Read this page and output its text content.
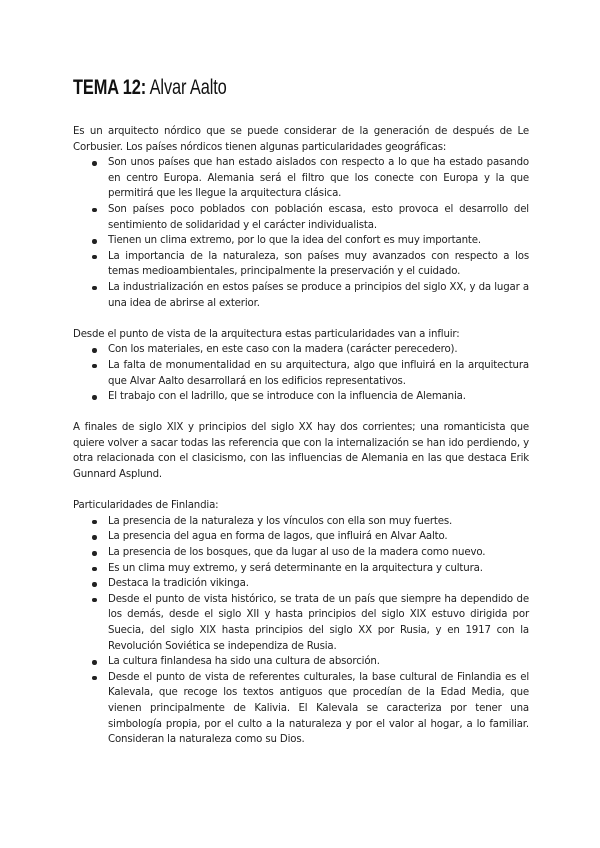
TEMA 12: Alvar Aalto

Es un arquitecto nórdico que se puede considerar de la generación de después de Le Corbusier. Los países nórdicos tienen algunas particularidades geográficas:

Son unos países que han estado aislados con respecto a lo que ha estado pasando en centro Europa. Alemania será el filtro que los conecte con Europa y la que permitirá que les llegue la arquitectura clásica.
Son países poco poblados con población escasa, esto provoca el desarrollo del sentimiento de solidaridad y el carácter individualista.
Tienen un clima extremo, por lo que la idea del confort es muy importante.
La importancia de la naturaleza, son países muy avanzados con respecto a los temas medioambientales, principalmente la preservación y el cuidado.
La industrialización en estos países se produce a principios del siglo XX, y da lugar a una idea de abrirse al exterior.

Desde el punto de vista de la arquitectura estas particularidades van a influir:

Con los materiales, en este caso con la madera (carácter perecedero).
La falta de monumentalidad en su arquitectura, algo que influirá en la arquitectura que Alvar Aalto desarrollará en los edificios representativos.
El trabajo con el ladrillo, que se introduce con la influencia de Alemania.

A finales de siglo XIX y principios del siglo XX hay dos corrientes; una romanticista que quiere volver a sacar todas las referencia que con la internalización se han ido perdiendo, y otra relacionada con el clasicismo, con las influencias de Alemania en las que destaca Erik Gunnard Asplund.

Particularidades de Finlandia:

La presencia de la naturaleza y los vínculos con ella son muy fuertes.
La presencia del agua en forma de lagos, que influirá en Alvar Aalto.
La presencia de los bosques, que da lugar al uso de la madera como nuevo.
Es un clima muy extremo, y será determinante en la arquitectura y cultura.
Destaca la tradición vikinga.
Desde el punto de vista histórico, se trata de un país que siempre ha dependido de los demás, desde el siglo XII y hasta principios del siglo XIX estuvo dirigida por Suecia, del siglo XIX hasta principios del siglo XX por Rusia, y en 1917 con la Revolución Soviética se independiza de Rusia.
La cultura finlandesa ha sido una cultura de absorción.
Desde el punto de vista de referentes culturales, la base cultural de Finlandia es el Kalevala, que recoge los textos antiguos que procedían de la Edad Media, que vienen principalmente de Kalivia. El Kalevala se caracteriza por tener una simbología propia, por el culto a la naturaleza y por el valor al hogar, a lo familiar. Consideran la naturaleza como su Dios.
